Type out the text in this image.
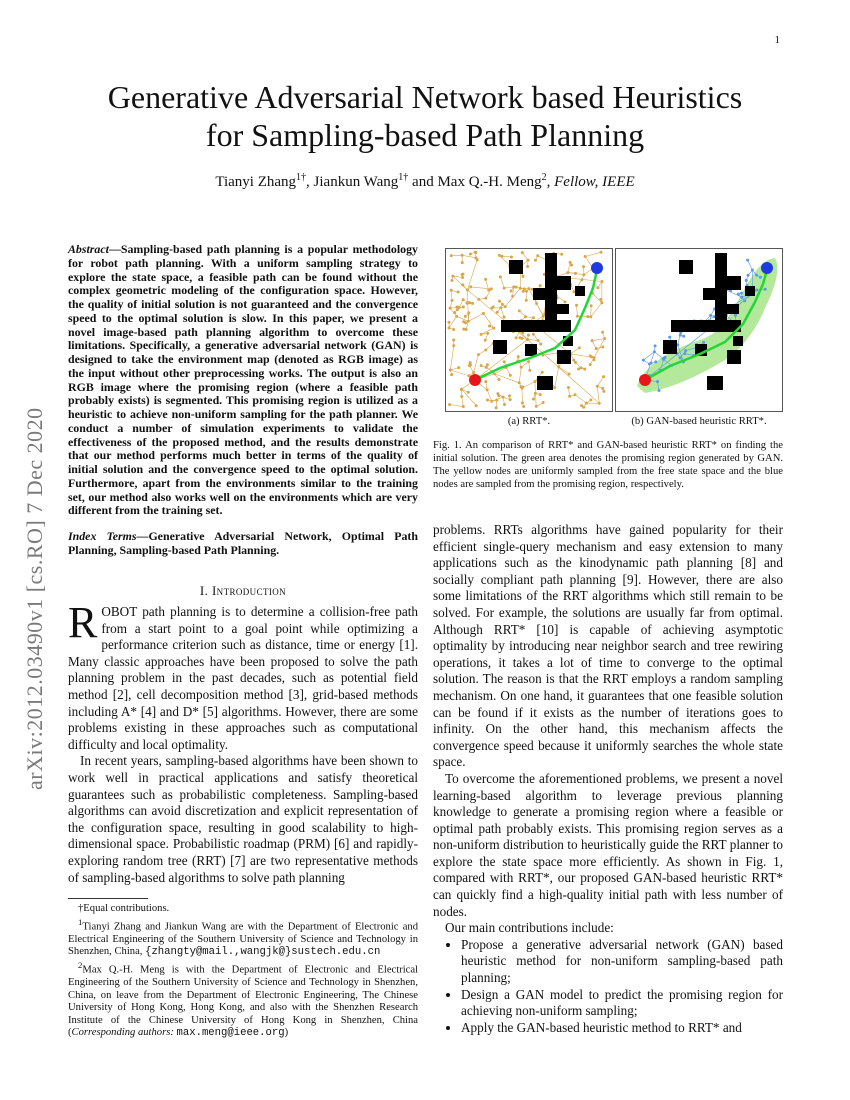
1
arXiv:2012.03490v1 [cs.RO] 7 Dec 2020
Generative Adversarial Network based Heuristics
for Sampling-based Path Planning
Tianyi Zhang$^{1\dagger}$, Jiankun Wang$^{1\dagger}$ and Max Q.-H. Meng$^2$, Fellow, IEEE
Abstract—Sampling-based path planning is a popular methodology for robot path planning. With a uniform sampling strategy to explore the state space, a feasible path can be found without the complex geometric modeling of the configuration space. However, the quality of initial solution is not guaranteed and the convergence speed to the optimal solution is slow. In this paper, we present a novel image-based path planning algorithm to overcome these limitations. Specifically, a generative adversarial network (GAN) is designed to take the environment map (denoted as RGB image) as the input without other preprocessing works. The output is also an RGB image where the promising region (where a feasible path probably exists) is segmented. This promising region is utilized as a heuristic to achieve non-uniform sampling for the path planner. We conduct a number of simulation experiments to validate the effectiveness of the proposed method, and the results demonstrate that our method performs much better in terms of the quality of initial solution and the convergence speed to the optimal solution. Furthermore, apart from the environments similar to the training set, our method also works well on the environments which are very different from the training set.
Index Terms—Generative Adversarial Network, Optimal Path Planning, Sampling-based Path Planning.
I. Introduction

ROBOT path planning is to determine a collision-free path from a start point to a goal point while optimizing a performance criterion such as distance, time or energy [1]. Many classic approaches have been proposed to solve the path planning problem in the past decades, such as potential field method [2], cell decomposition method [3], grid-based methods including A* [4] and D* [5] algorithms. However, there are some problems existing in these approaches such as computational difficulty and local optimality.

In recent years, sampling-based algorithms have been shown to work well in practical applications and satisfy theoretical guarantees such as probabilistic completeness. Sampling-based algorithms can avoid discretization and explicit representation of the configuration space, resulting in good scalability to high-dimensional space. Probabilistic roadmap (PRM) [6] and rapidly-exploring random tree (RRT) [7] are two representative methods of sampling-based algorithms to solve path planning

†Equal contributions.

$^1$Tianyi Zhang and Jiankun Wang are with the Department of Electronic and Electrical Engineering of the Southern University of Science and Technology in Shenzhen, China, {zhangty@mail.,wangjk@}sustech.edu.cn

$^2$Max Q.-H. Meng is with the Department of Electronic and Electrical Engineering of the Southern University of Science and Technology in Shenzhen, China, on leave from the Department of Electronic Engineering, The Chinese University of Hong Kong, Hong Kong, and also with the Shenzhen Research Institute of the Chinese University of Hong Kong in Shenzhen, China (Corresponding authors: max.meng@ieee.org)

(a) RRT*.	(b) GAN-based heuristic RRT*.
Fig. 1. An comparison of RRT* and GAN-based heuristic RRT* on finding the initial solution. The green area denotes the promising region generated by GAN. The yellow nodes are uniformly sampled from the free state space and the blue nodes are sampled from the promising region, respectively.

problems. RRTs algorithms have gained popularity for their efficient single-query mechanism and easy extension to many applications such as the kinodynamic path planning [8] and socially compliant path planning [9]. However, there are also some limitations of the RRT algorithms which still remain to be solved. For example, the solutions are usually far from optimal. Although RRT* [10] is capable of achieving asymptotic optimality by introducing near neighbor search and tree rewiring operations, it takes a lot of time to converge to the optimal solution. The reason is that the RRT employs a random sampling mechanism. On one hand, it guarantees that one feasible solution can be found if it exists as the number of iterations goes to infinity. On the other hand, this mechanism affects the convergence speed because it uniformly searches the whole state space.

To overcome the aforementioned problems, we present a novel learning-based algorithm to leverage previous planning knowledge to generate a promising region where a feasible or optimal path probably exists. This promising region serves as a non-uniform distribution to heuristically guide the RRT planner to explore the state space more efficiently. As shown in Fig. 1, compared with RRT*, our proposed GAN-based heuristic RRT* can quickly find a high-quality initial path with less number of nodes.

Our main contributions include:

• Propose a generative adversarial network (GAN) based heuristic method for non-uniform sampling-based path planning;
• Design a GAN model to predict the promising region for achieving non-uniform sampling;
• Apply the GAN-based heuristic method to RRT* and
